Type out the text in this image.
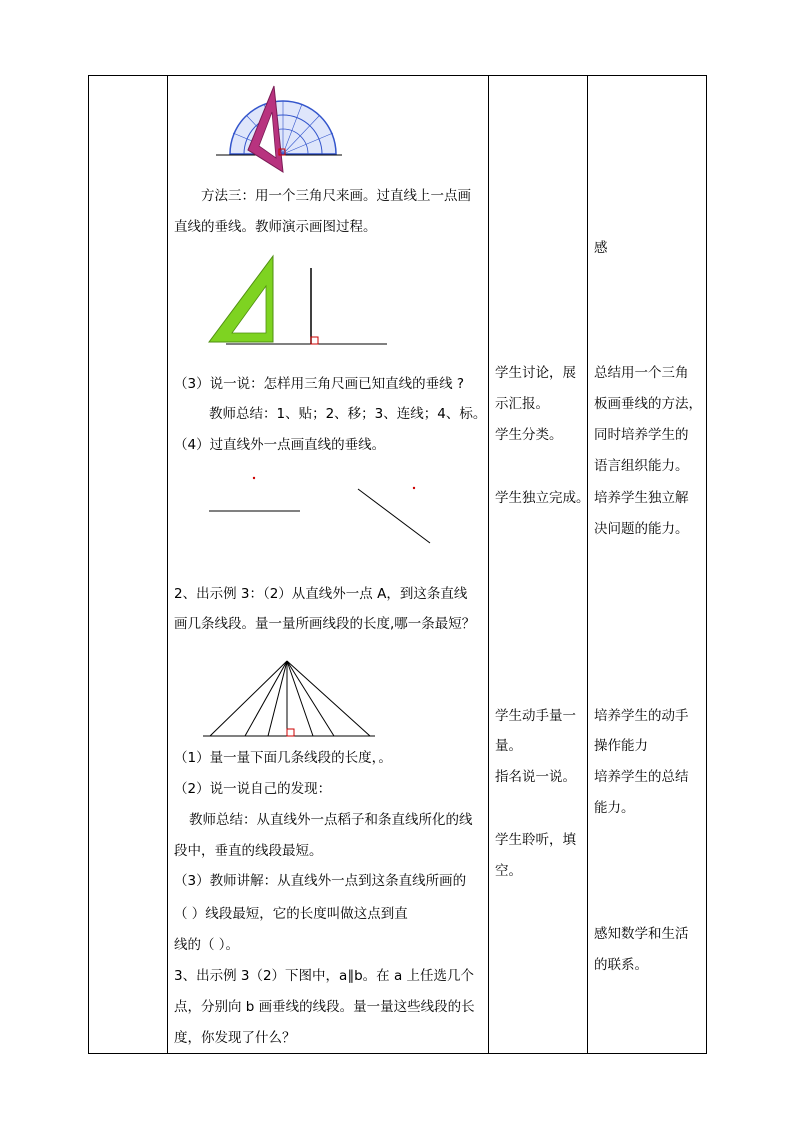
方法三：用一个三角尺来画。过直线上一点画
直线的垂线。教师演示画图过程。
（3）说一说：怎样用三角尺画已知直线的垂线 ?
教师总结：1、贴；2、移；3、连线；4、标。
（4）过直线外一点画直线的垂线。
2、出示例 3：（2）从直线外一点 A，到这条直线
画几条线段。量一量所画线段的长度,哪一条最短？
（1）量一量下面几条线段的长度，。
（2）说一说自己的发现：
教师总结：从直线外一点稻子和条直线所化的线
段中，垂直的线段最短。
（3）教师讲解：从直线外一点到这条直线所画的
（ ）线段最短，它的长度叫做这点到直
线的（ ）。
3、出示例 3（2）下图中，a∥b。在 a 上任选几个
点，分别向 b 画垂线的线段。量一量这些线段的长
度，你发现了什么？
学生讨论，展
示汇报。
学生分类。
学生独立完成。
学生动手量一
量。
指名说一说。
学生聆听，填
空。
感
总结用一个三角
板画垂线的方法，
同时培养学生的
语言组织能力。
培养学生独立解
决问题的能力。
培养学生的动手
操作能力
培养学生的总结
能力。
感知数学和生活
的联系。
